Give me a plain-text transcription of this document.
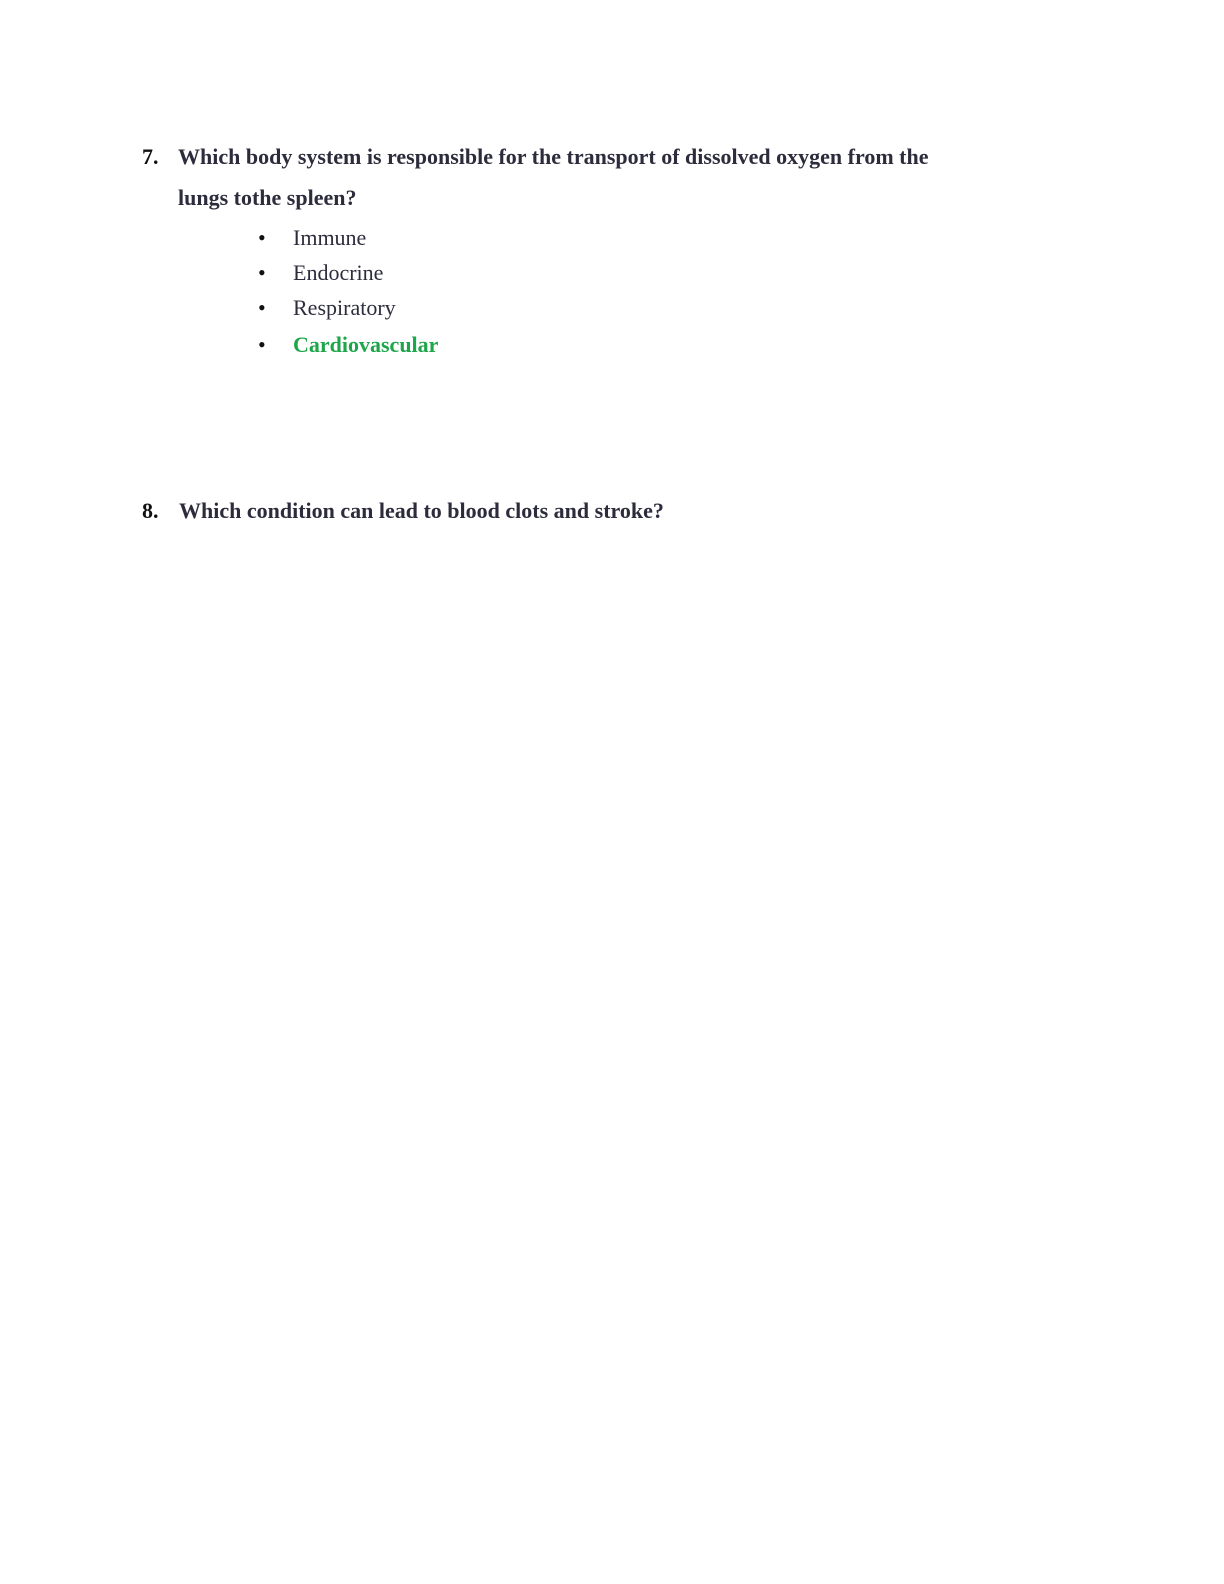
7. Which body system is responsible for the transport of dissolved oxygen from the
lungs tothe spleen?
• Immune
• Endocrine
• Respiratory
• Cardiovascular
8. Which condition can lead to blood clots and stroke?
